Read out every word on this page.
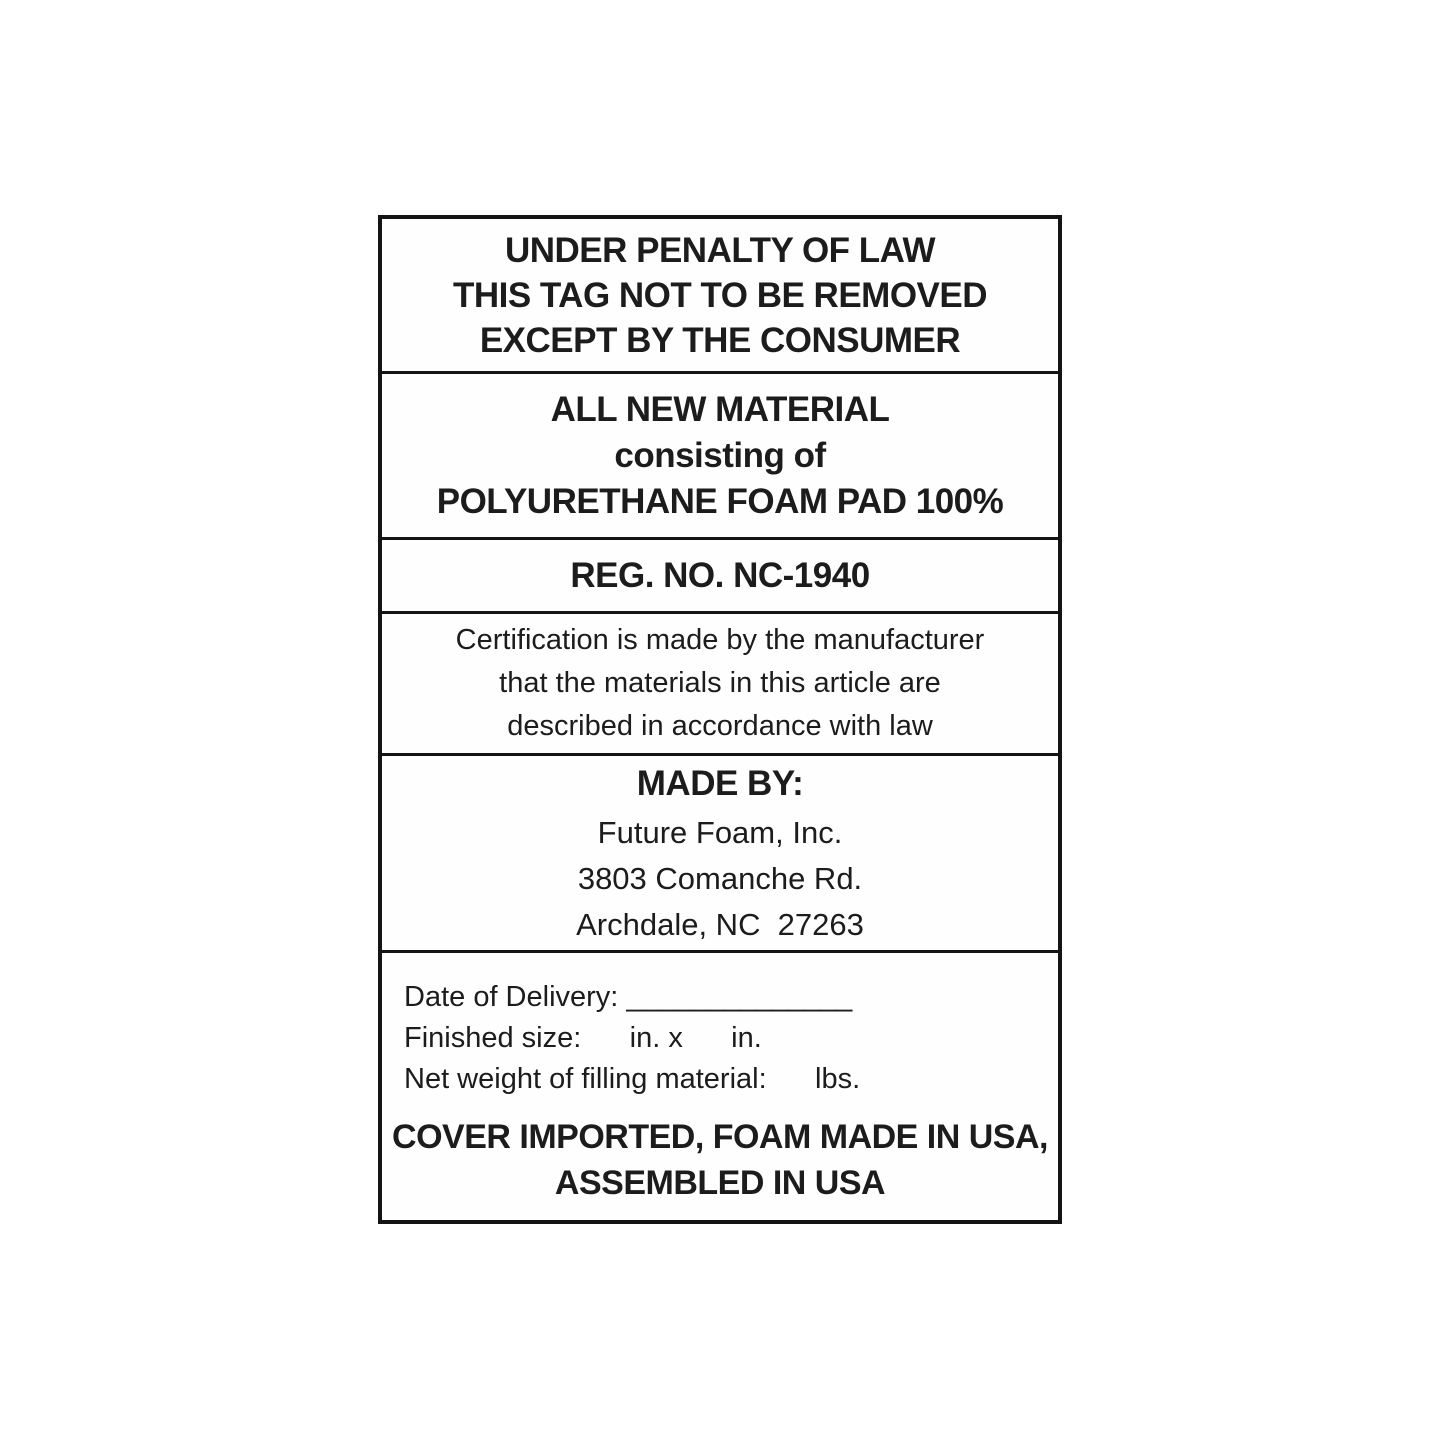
UNDER PENALTY OF LAW
THIS TAG NOT TO BE REMOVED
EXCEPT BY THE CONSUMER
ALL NEW MATERIAL
consisting of
POLYURETHANE FOAM PAD 100%
REG. NO. NC-1940
Certification is made by the manufacturer
that the materials in this article are
described in accordance with law
MADE BY:
Future Foam, Inc.
3803 Comanche Rd.
Archdale, NC  27263
Date of Delivery: ______________
Finished size:      in. x      in.
Net weight of filling material:      lbs.
COVER IMPORTED, FOAM MADE IN USA,
ASSEMBLED IN USA
